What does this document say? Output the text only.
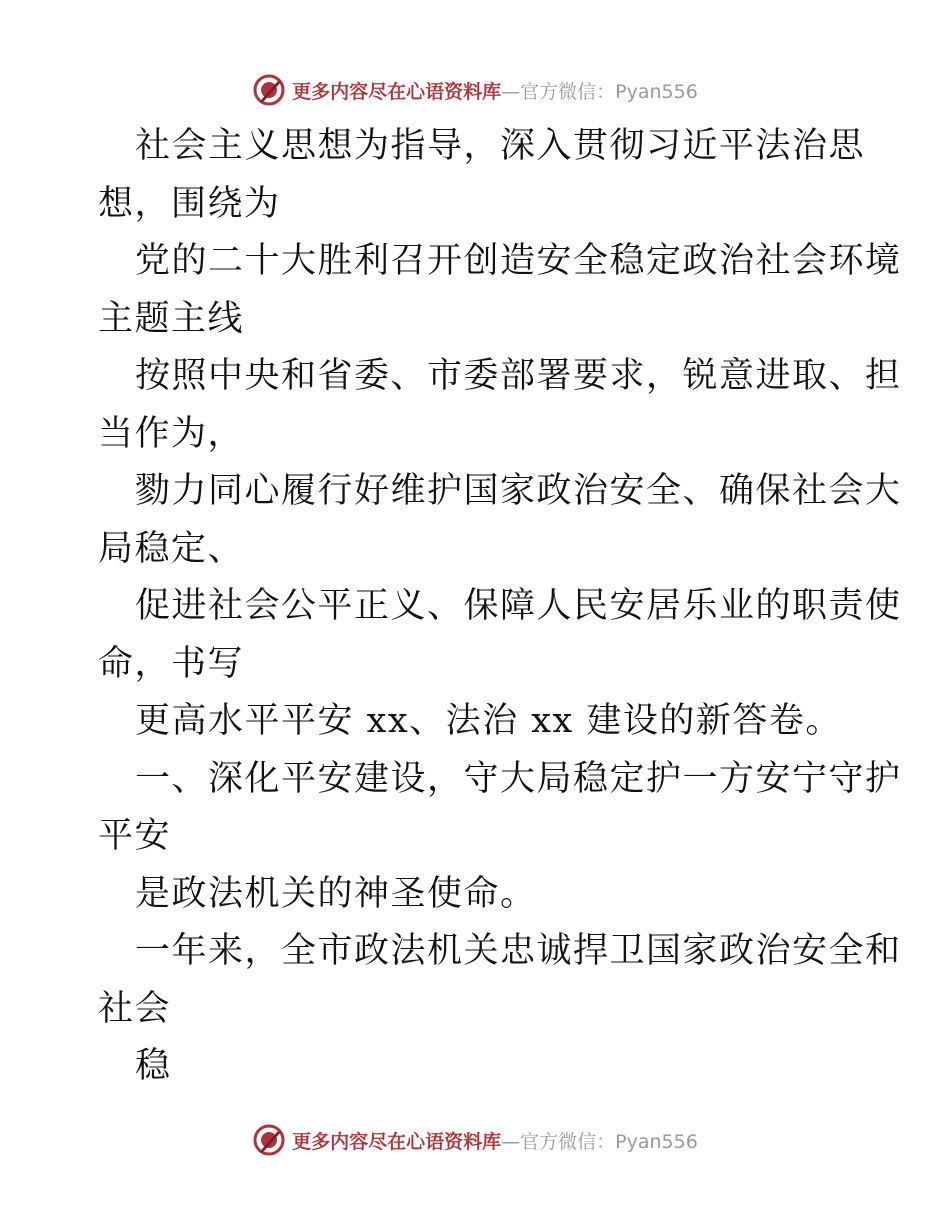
更多内容尽在心语资料库—官方微信：Pyan556
社会主义思想为指导，深入贯彻习近平法治思
想，围绕为
党的二十大胜利召开创造安全稳定政治社会环境
主题主线
按照中央和省委、市委部署要求，锐意进取、担
当作为，
勠力同心履行好维护国家政治安全、确保社会大
局稳定、
促进社会公平正义、保障人民安居乐业的职责使
命，书写
更高水平平安 xx、法治 xx 建设的新答卷。
一、深化平安建设，守大局稳定护一方安宁守护
平安
是政法机关的神圣使命。
一年来，全市政法机关忠诚捍卫国家政治安全和
社会
稳
更多内容尽在心语资料库—官方微信：Pyan556
